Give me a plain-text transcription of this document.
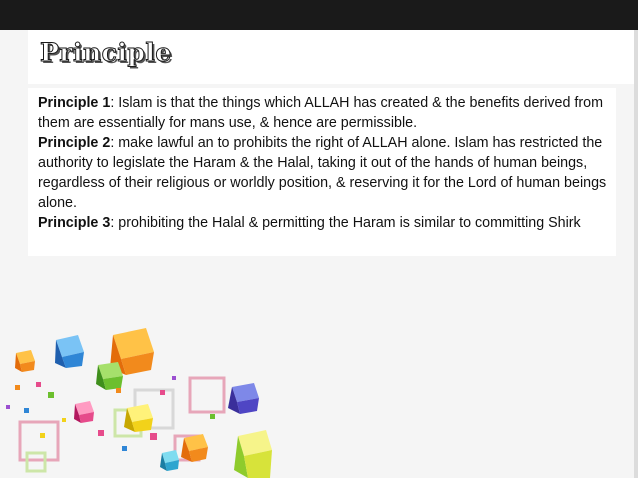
Principle

Principle 1: Islam is that the things which ALLAH has created & the benefits derived from them are essentially for mans use, & hence are permissible.

Principle 2: make lawful an to prohibits the right of ALLAH alone. Islam has restricted the authority to legislate the Haram & the Halal, taking it out of the hands of human beings, regardless of their religious or worldly position, & reserving it for the Lord of human beings alone.

Principle 3: prohibiting the Halal & permitting the Haram is similar to committing Shirk
